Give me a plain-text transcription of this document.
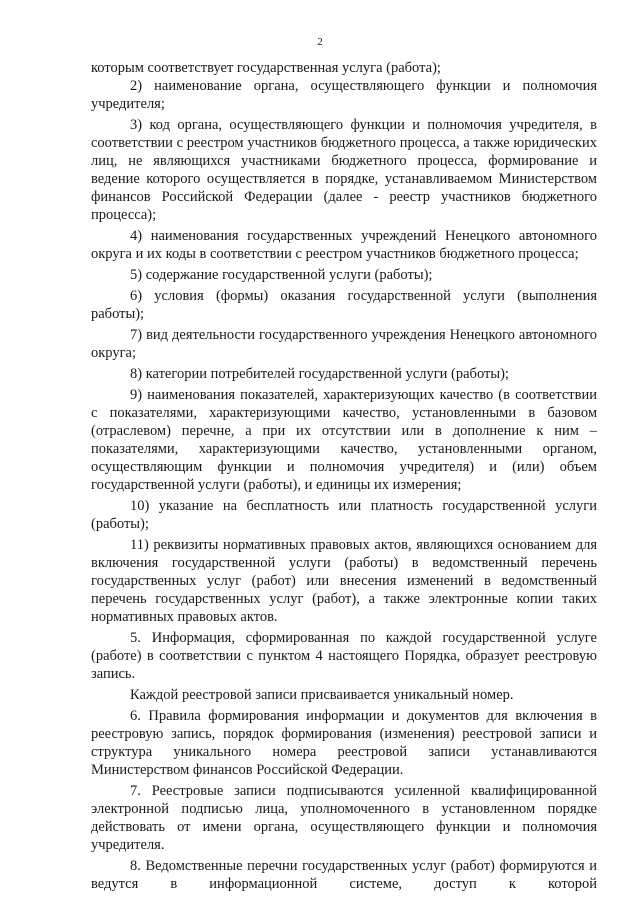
2

которым соответствует государственная услуга (работа);

2) наименование органа, осуществляющего функции и полномочия учредителя;

3) код органа, осуществляющего функции и полномочия учредителя, в соответствии с реестром участников бюджетного процесса, а также юридических лиц, не являющихся участниками бюджетного процесса, формирование и ведение которого осуществляется в порядке, устанавливаемом Министерством финансов Российской Федерации (далее - реестр участников бюджетного процесса);

4) наименования государственных учреждений Ненецкого автономного округа и их коды в соответствии с реестром участников бюджетного процесса;

5) содержание государственной услуги (работы);

6) условия (формы) оказания государственной услуги (выполнения работы);

7) вид деятельности государственного учреждения Ненецкого автономного округа;

8) категории потребителей государственной услуги (работы);

9) наименования показателей, характеризующих качество (в соответствии с показателями, характеризующими качество, установленными в базовом (отраслевом) перечне, а при их отсутствии или в дополнение к ним – показателями, характеризующими качество, установленными органом, осуществляющим функции и полномочия учредителя) и (или) объем государственной услуги (работы), и единицы их измерения;

10) указание на бесплатность или платность государственной услуги (работы);

11) реквизиты нормативных правовых актов, являющихся основанием для включения государственной услуги (работы) в ведомственный перечень государственных услуг (работ) или внесения изменений в ведомственный перечень государственных услуг (работ), а также электронные копии таких нормативных правовых актов.

5. Информация, сформированная по каждой государственной услуге (работе) в соответствии с пунктом 4 настоящего Порядка, образует реестровую запись.

Каждой реестровой записи присваивается уникальный номер.

6. Правила формирования информации и документов для включения в реестровую запись, порядок формирования (изменения) реестровой записи и структура уникального номера реестровой записи устанавливаются Министерством финансов Российской Федерации.

7. Реестровые записи подписываются усиленной квалифицированной электронной подписью лица, уполномоченного в установленном порядке действовать от имени органа, осуществляющего функции и полномочия учредителя.

8. Ведомственные перечни государственных услуг (работ) формируются и ведутся в информационной системе, доступ к которой
